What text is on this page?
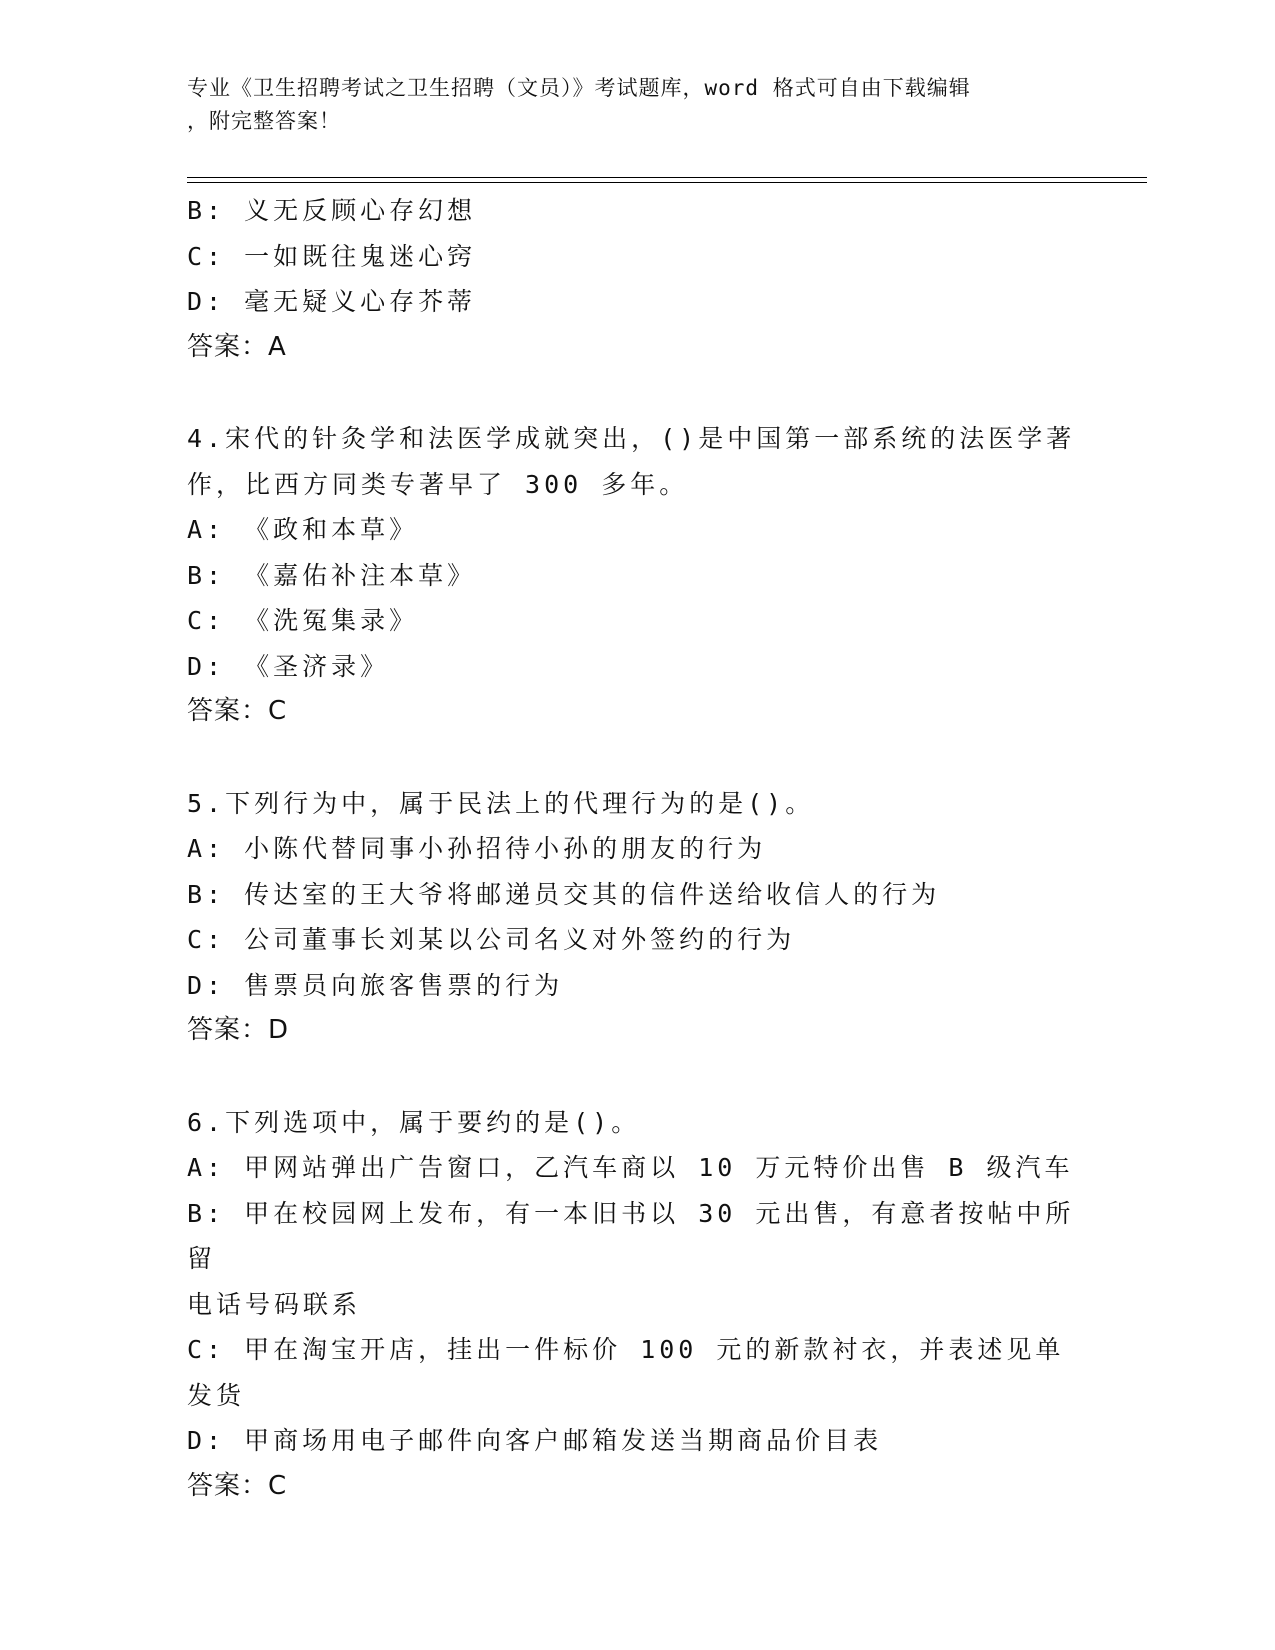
专业《卫生招聘考试之卫生招聘（文员）》考试题库，word 格式可自由下载编辑
，附完整答案！
B: 义无反顾心存幻想
C: 一如既往鬼迷心窍
D: 毫无疑义心存芥蒂
答案：A
4.宋代的针灸学和法医学成就突出，()是中国第一部系统的法医学著
作，比西方同类专著早了 300 多年。
A: 《政和本草》
B: 《嘉佑补注本草》
C: 《洗冤集录》
D: 《圣济录》
答案：C
5.下列行为中，属于民法上的代理行为的是()。
A: 小陈代替同事小孙招待小孙的朋友的行为
B: 传达室的王大爷将邮递员交其的信件送给收信人的行为
C: 公司董事长刘某以公司名义对外签约的行为
D: 售票员向旅客售票的行为
答案：D
6.下列选项中，属于要约的是()。
A: 甲网站弹出广告窗口，乙汽车商以 10 万元特价出售 B 级汽车
B: 甲在校园网上发布，有一本旧书以 30 元出售，有意者按帖中所留
电话号码联系
C: 甲在淘宝开店，挂出一件标价 100 元的新款衬衣，并表述见单发货
D: 甲商场用电子邮件向客户邮箱发送当期商品价目表
答案：C
